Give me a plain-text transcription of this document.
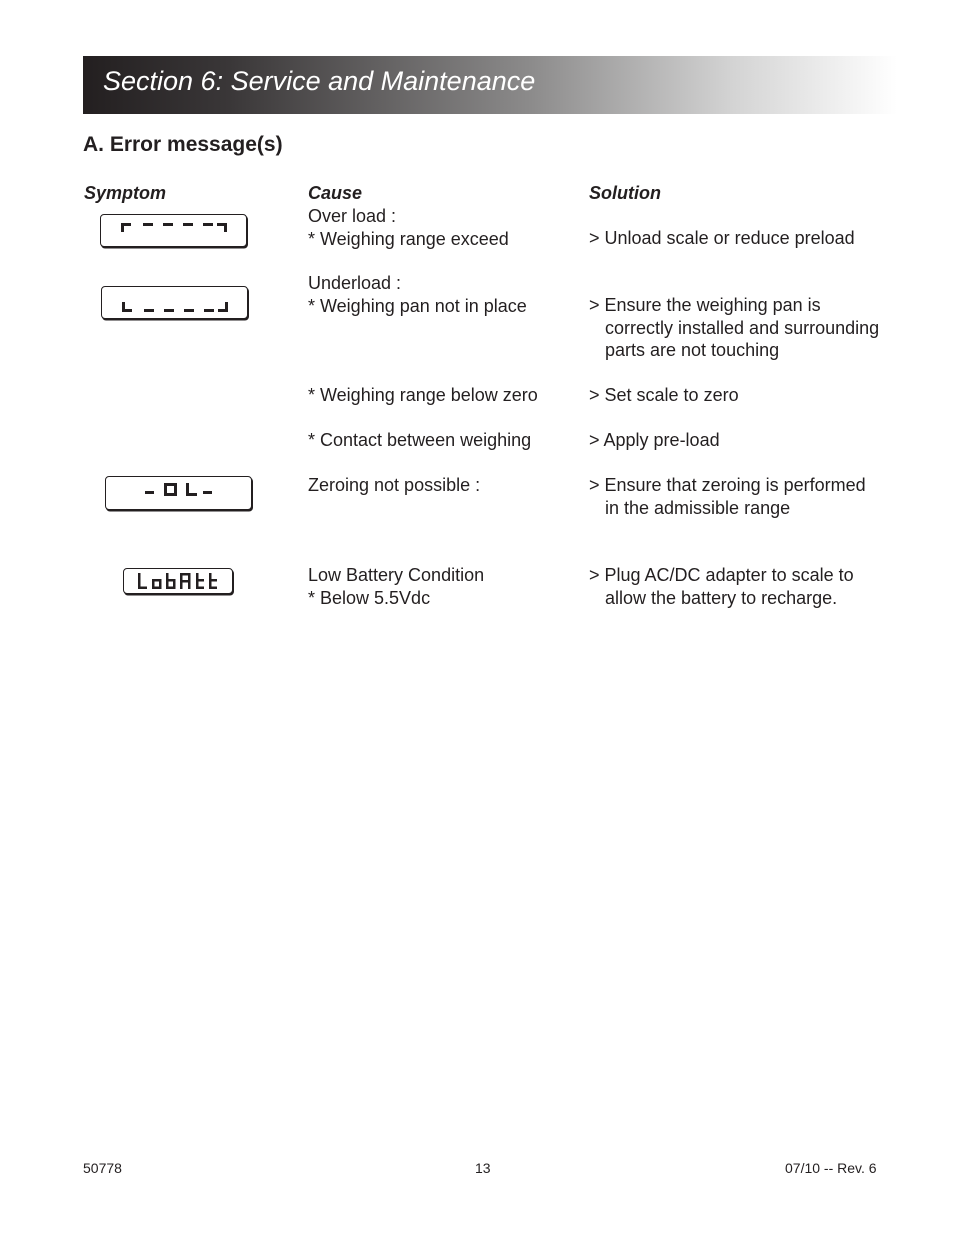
Section 6: Service and Maintenance
A. Error message(s)
Symptom	Cause	Solution
Over load :
* Weighing range exceed	> Unload scale or reduce preload
Underload :
* Weighing pan not in place	> Ensure the weighing pan is
correctly installed and surrounding
parts are not touching
* Weighing range below zero	> Set scale to zero
* Contact between weighing	> Apply pre-load
Zeroing not possible :	> Ensure that zeroing is performed
in the admissible range
Low Battery Condition
* Below 5.5Vdc
> Plug AC/DC adapter to scale to
allow the battery to recharge.
50778	13	07/10 -- Rev. 6
